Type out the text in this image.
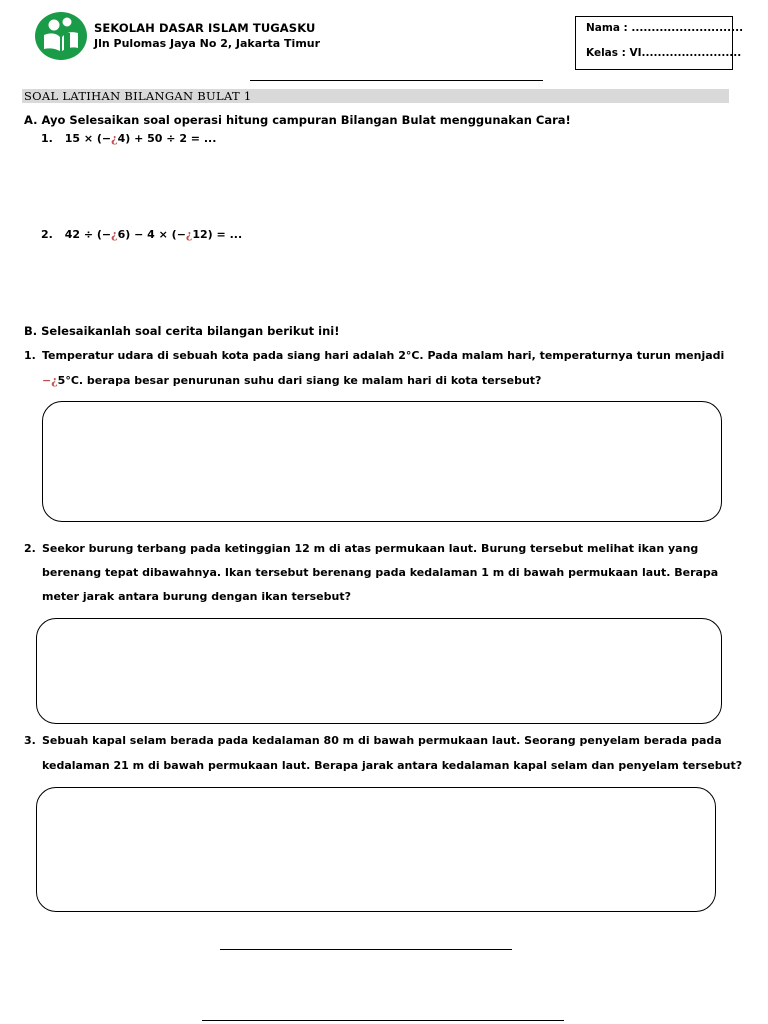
SEKOLAH DASAR ISLAM TUGASKU
Jln Pulomas Jaya No 2, Jakarta Timur
Nama : ............................
Kelas : VI.........................
SOAL LATIHAN BILANGAN BULAT 1
A. Ayo Selesaikan soal operasi hitung campuran Bilangan Bulat menggunakan Cara!
1. 15 × (−¿4) + 50 ÷ 2 = ...
2. 42 ÷ (−¿6) − 4 × (−¿12) = ...
B. Selesaikanlah soal cerita bilangan berikut ini!
1. Temperatur udara di sebuah kota pada siang hari adalah 2°C. Pada malam hari, temperaturnya turun menjadi
−¿5°C. berapa besar penurunan suhu dari siang ke malam hari di kota tersebut?
2. Seekor burung terbang pada ketinggian 12 m di atas permukaan laut. Burung tersebut melihat ikan yang
berenang tepat dibawahnya. Ikan tersebut berenang pada kedalaman 1 m di bawah permukaan laut. Berapa
meter jarak antara burung dengan ikan tersebut?
3. Sebuah kapal selam berada pada kedalaman 80 m di bawah permukaan laut. Seorang penyelam berada pada
kedalaman 21 m di bawah permukaan laut. Berapa jarak antara kedalaman kapal selam dan penyelam tersebut?
